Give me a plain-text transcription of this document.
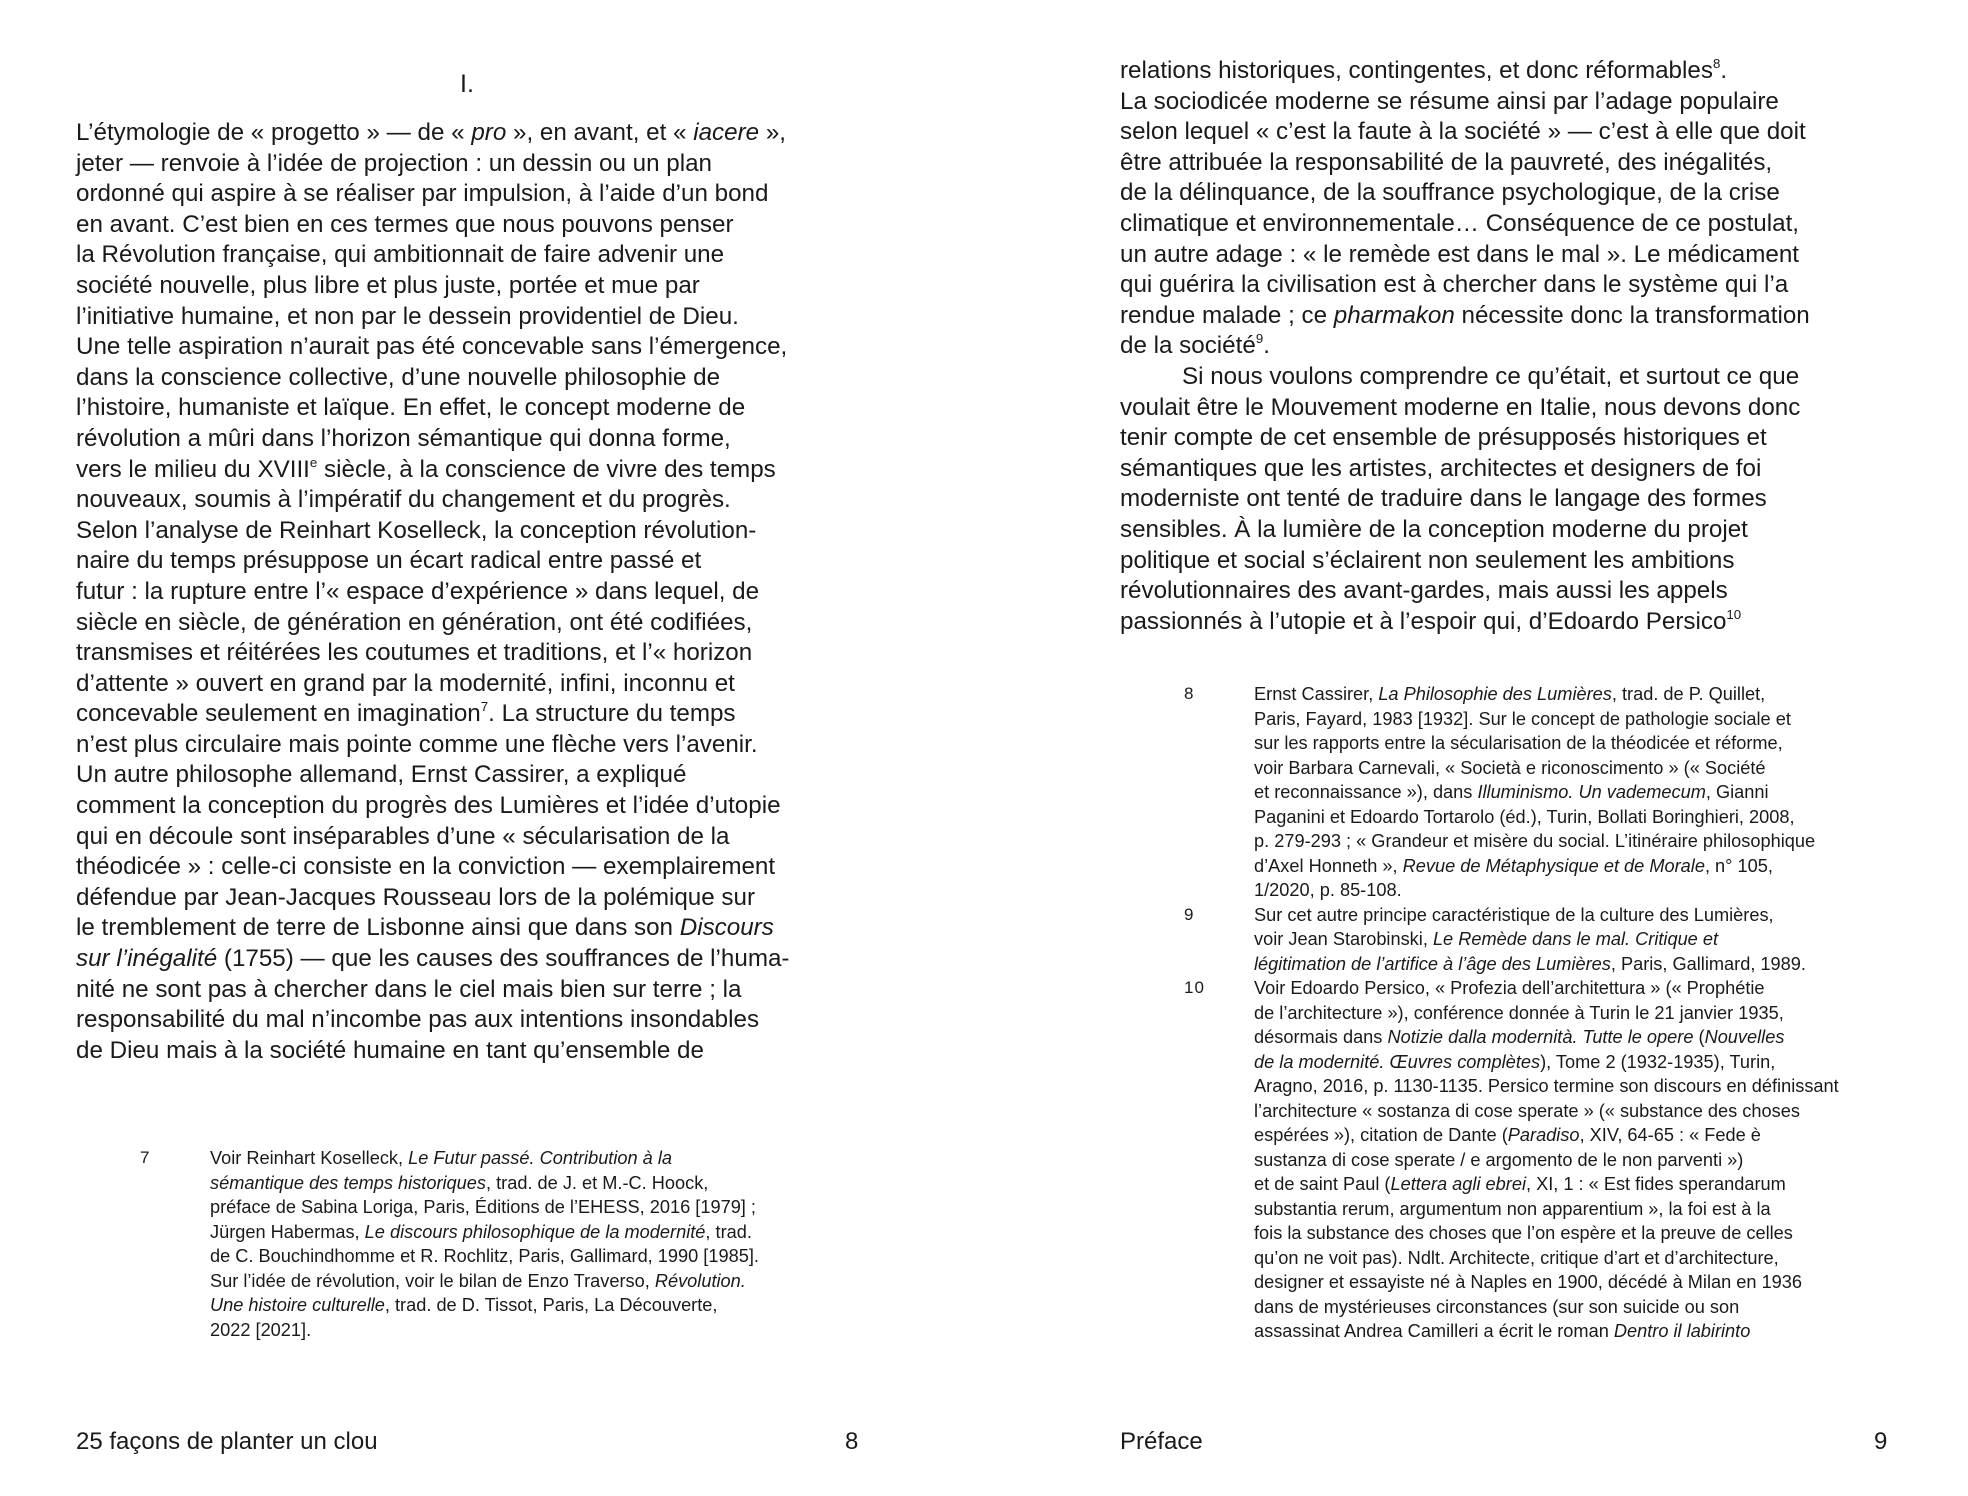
I.
L’étymologie de « progetto » — de « pro », en avant, et « iacere »,
jeter — renvoie à l’idée de projection : un dessin ou un plan
ordonné qui aspire à se réaliser par impulsion, à l’aide d’un bond
en avant. C’est bien en ces termes que nous pouvons penser
la Révolution française, qui ambitionnait de faire advenir une
société nouvelle, plus libre et plus juste, portée et mue par
l’initiative humaine, et non par le dessein providentiel de Dieu.
Une telle aspiration n’aurait pas été concevable sans l’émergence,
dans la conscience collective, d’une nouvelle philosophie de
l’histoire, humaniste et laïque. En effet, le concept moderne de
révolution a mûri dans l’horizon sémantique qui donna forme,
vers le milieu du XVIIIe siècle, à la conscience de vivre des temps
nouveaux, soumis à l’impératif du changement et du progrès.
Selon l’analyse de Reinhart Koselleck, la conception révolution-
naire du temps présuppose un écart radical entre passé et
futur : la rupture entre l’« espace d’expérience » dans lequel, de
siècle en siècle, de génération en génération, ont été codifiées,
transmises et réitérées les coutumes et traditions, et l’« horizon
d’attente » ouvert en grand par la modernité, infini, inconnu et
concevable seulement en imagination$^7$. La structure du temps
n’est plus circulaire mais pointe comme une flèche vers l’avenir.
Un autre philosophe allemand, Ernst Cassirer, a expliqué
comment la conception du progrès des Lumières et l’idée d’utopie
qui en découle sont inséparables d’une « sécularisation de la
théodicée » : celle-ci consiste en la conviction — exemplairement
défendue par Jean-Jacques Rousseau lors de la polémique sur
le tremblement de terre de Lisbonne ainsi que dans son Discours
sur l’inégalité (1755) — que les causes des souffrances de l’huma-
nité ne sont pas à chercher dans le ciel mais bien sur terre ; la
responsabilité du mal n’incombe pas aux intentions insondables
de Dieu mais à la société humaine en tant qu’ensemble de
7	Voir Reinhart Koselleck, Le Futur passé. Contribution à la
sémantique des temps historiques, trad. de J. et M.-C. Hoock,
préface de Sabina Loriga, Paris, Éditions de l’EHESS, 2016 [1979] ;
Jürgen Habermas, Le discours philosophique de la modernité, trad.
de C. Bouchindhomme et R. Rochlitz, Paris, Gallimard, 1990 [1985].
Sur l’idée de révolution, voir le bilan de Enzo Traverso, Révolution.
Une histoire culturelle, trad. de D. Tissot, Paris, La Découverte,
2022 [2021].
25 façons de planter un clou	8
relations historiques, contingentes, et donc réformables$^8$.
La sociodicée moderne se résume ainsi par l’adage populaire
selon lequel « c’est la faute à la société » — c’est à elle que doit
être attribuée la responsabilité de la pauvreté, des inégalités,
de la délinquance, de la souffrance psychologique, de la crise
climatique et environnementale… Conséquence de ce postulat,
un autre adage : « le remède est dans le mal ». Le médicament
qui guérira la civilisation est à chercher dans le système qui l’a
rendue malade ; ce pharmakon nécessite donc la transformation
de la société$^9$.
Si nous voulons comprendre ce qu’était, et surtout ce que
voulait être le Mouvement moderne en Italie, nous devons donc
tenir compte de cet ensemble de présupposés historiques et
sémantiques que les artistes, architectes et designers de foi
moderniste ont tenté de traduire dans le langage des formes
sensibles. À la lumière de la conception moderne du projet
politique et social s’éclairent non seulement les ambitions
révolutionnaires des avant-gardes, mais aussi les appels
passionnés à l’utopie et à l’espoir qui, d’Edoardo Persico$^{10}$
8	Ernst Cassirer, La Philosophie des Lumières, trad. de P. Quillet,
Paris, Fayard, 1983 [1932]. Sur le concept de pathologie sociale et
sur les rapports entre la sécularisation de la théodicée et réforme,
voir Barbara Carnevali, « Società e riconoscimento » (« Société
et reconnaissance »), dans Illuminismo. Un vademecum, Gianni
Paganini et Edoardo Tortarolo (éd.), Turin, Bollati Boringhieri, 2008,
p. 279-293 ; « Grandeur et misère du social. L’itinéraire philosophique
d’Axel Honneth », Revue de Métaphysique et de Morale, n° 105,
1/2020, p. 85-108.
9	Sur cet autre principe caractéristique de la culture des Lumières,
voir Jean Starobinski, Le Remède dans le mal. Critique et
légitimation de l’artifice à l’âge des Lumières, Paris, Gallimard, 1989.
10	Voir Edoardo Persico, « Profezia dell’architettura » (« Prophétie
de l’architecture »), conférence donnée à Turin le 21 janvier 1935,
désormais dans Notizie dalla modernità. Tutte le opere (Nouvelles
de la modernité. Œuvres complètes), Tome 2 (1932-1935), Turin,
Aragno, 2016, p. 1130-1135. Persico termine son discours en définissant
l’architecture « sostanza di cose sperate » (« substance des choses
espérées »), citation de Dante (Paradiso, XIV, 64-65 : « Fede è
sustanza di cose sperate / e argomento de le non parventi »)
et de saint Paul (Lettera agli ebrei, XI, 1 : « Est fides sperandarum
substantia rerum, argumentum non apparentium », la foi est à la
fois la substance des choses que l’on espère et la preuve de celles
qu’on ne voit pas). Ndlt. Architecte, critique d’art et d’architecture,
designer et essayiste né à Naples en 1900, décédé à Milan en 1936
dans de mystérieuses circonstances (sur son suicide ou son
assassinat Andrea Camilleri a écrit le roman Dentro il labirinto
Préface	9
